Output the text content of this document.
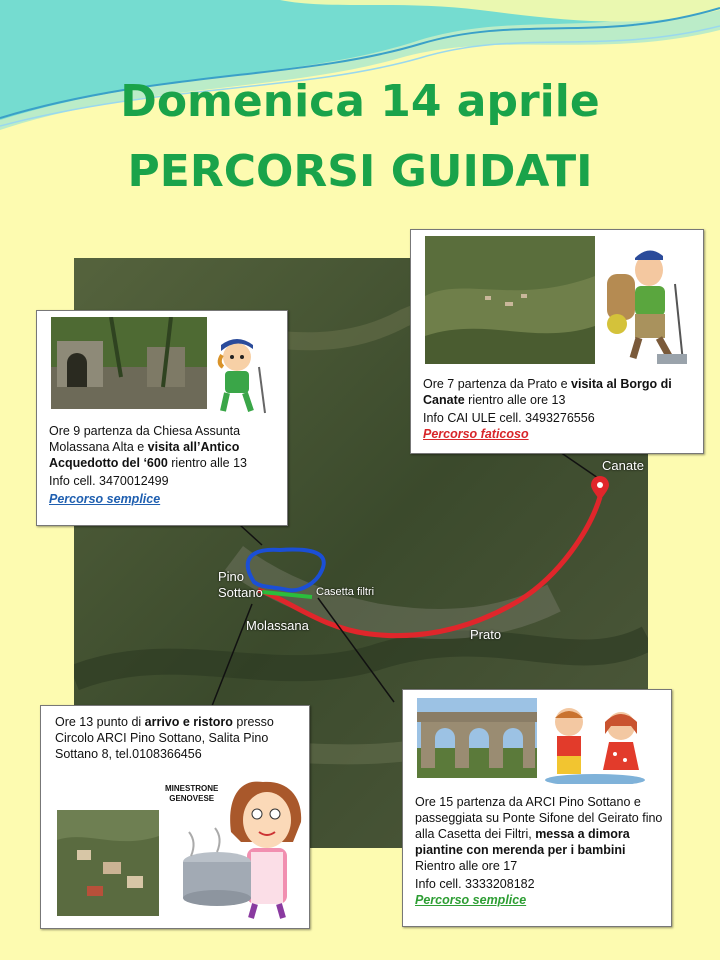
Domenica 14 aprile
PERCORSI GUIDATI
Canate
Pino
Sottano	Casetta filtri
Molassana
Prato

Ore 9 partenza da Chiesa Assunta Molassana Alta e visita all’Antico Acquedotto del ‘600 rientro alle 13

Info cell. 3470012499

Percorso semplice

Ore 7 partenza da Prato e visita al Borgo di Canate rientro alle ore 13

Info CAI ULE cell. 3493276556

Percorso faticoso

Ore 13 punto di arrivo e ristoro presso Circolo ARCI Pino Sottano, Salita Pino Sottano 8, tel.0108366456

MINESTRONE
GENOVESE	Ore 15 partenza da ARCI Pino Sottano e passeggiata su Ponte Sifone del Geirato fino alla Casetta dei Filtri, messa a dimora piantine con merenda per i bambini Rientro alle ore 17

Info cell. 3333208182

Percorso semplice
